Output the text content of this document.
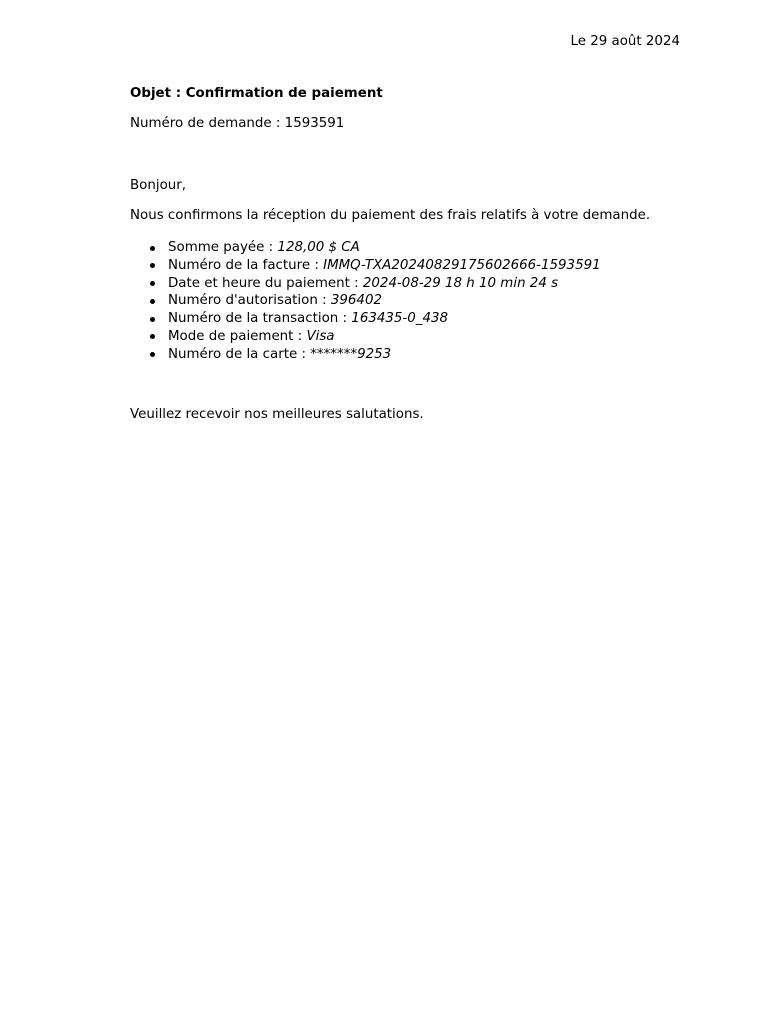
Le 29 août 2024
Objet : Confirmation de paiement
Numéro de demande : 1593591
Bonjour,
Nous confirmons la réception du paiement des frais relatifs à votre demande.
Somme payée : 128,00 $ CA
Numéro de la facture : IMMQ-TXA20240829175602666-1593591
Date et heure du paiement : 2024-08-29 18 h 10 min 24 s
Numéro d'autorisation : 396402
Numéro de la transaction : 163435-0_438
Mode de paiement : Visa
Numéro de la carte : *******9253
Veuillez recevoir nos meilleures salutations.
